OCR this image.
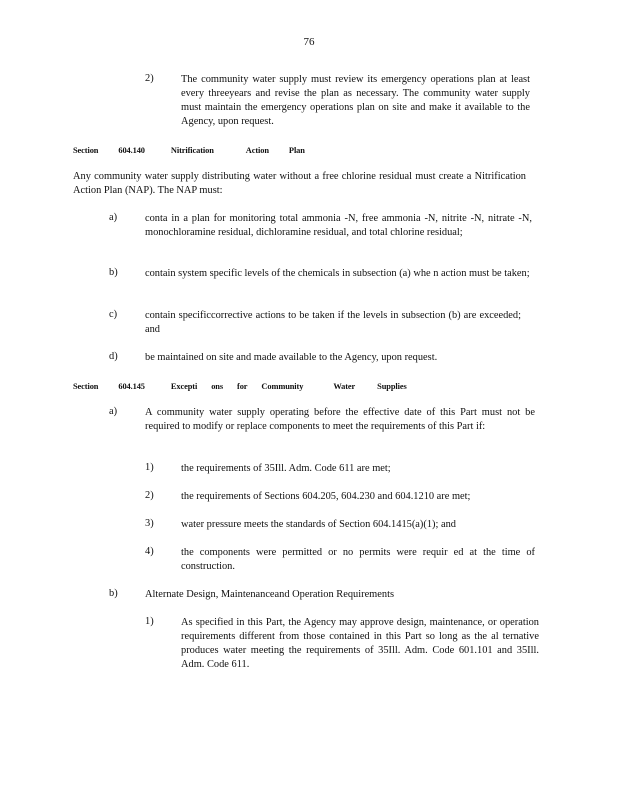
76
2)	The community water supply must review its emergency operations plan at least every threeyears and revise the plan as necessary. The community water supply must maintain the emergency operations plan on site and make it available to the Agency, upon request.
Section 604.140	Nitrification	Action Plan
Any community water supply distributing water without a free chlorine residual must create a Nitrification Action Plan (NAP). The NAP must:
a)	conta in a plan for monitoring total ammonia -N, free ammonia -N, nitrite -N, nitrate -N, monochloramine residual, dichloramine residual, and total chlorine residual;
b)	contain system specific levels of the chemicals in subsection (a) whe n action must be taken;
c)	contain specificcorrective actions to be taken if the levels in subsection (b) are exceeded; and
d)	be maintained on site and made available to the Agency, upon request.
Section 604.145	Excepti ons for Community	Water	Supplies
a)	A community water supply operating before the effective date of this Part must not be required to modify or replace components to meet the requirements of this Part if:
1)	the requirements of 35Ill. Adm. Code 611 are met;
2)	the requirements of Sections 604.205, 604.230 and 604.1210 are met;
3)	water pressure meets the standards of Section 604.1415(a)(1); and
4)	the components were permitted or no permits were requir ed at the time of construction.
b)	Alternate Design, Maintenanceand Operation Requirements
1)	As specified in this Part, the Agency may approve design, maintenance, or operation requirements different from those contained in this Part so long as the al ternative produces water meeting the requirements of 35Ill. Adm. Code 601.101 and 35Ill. Adm. Code 611.
